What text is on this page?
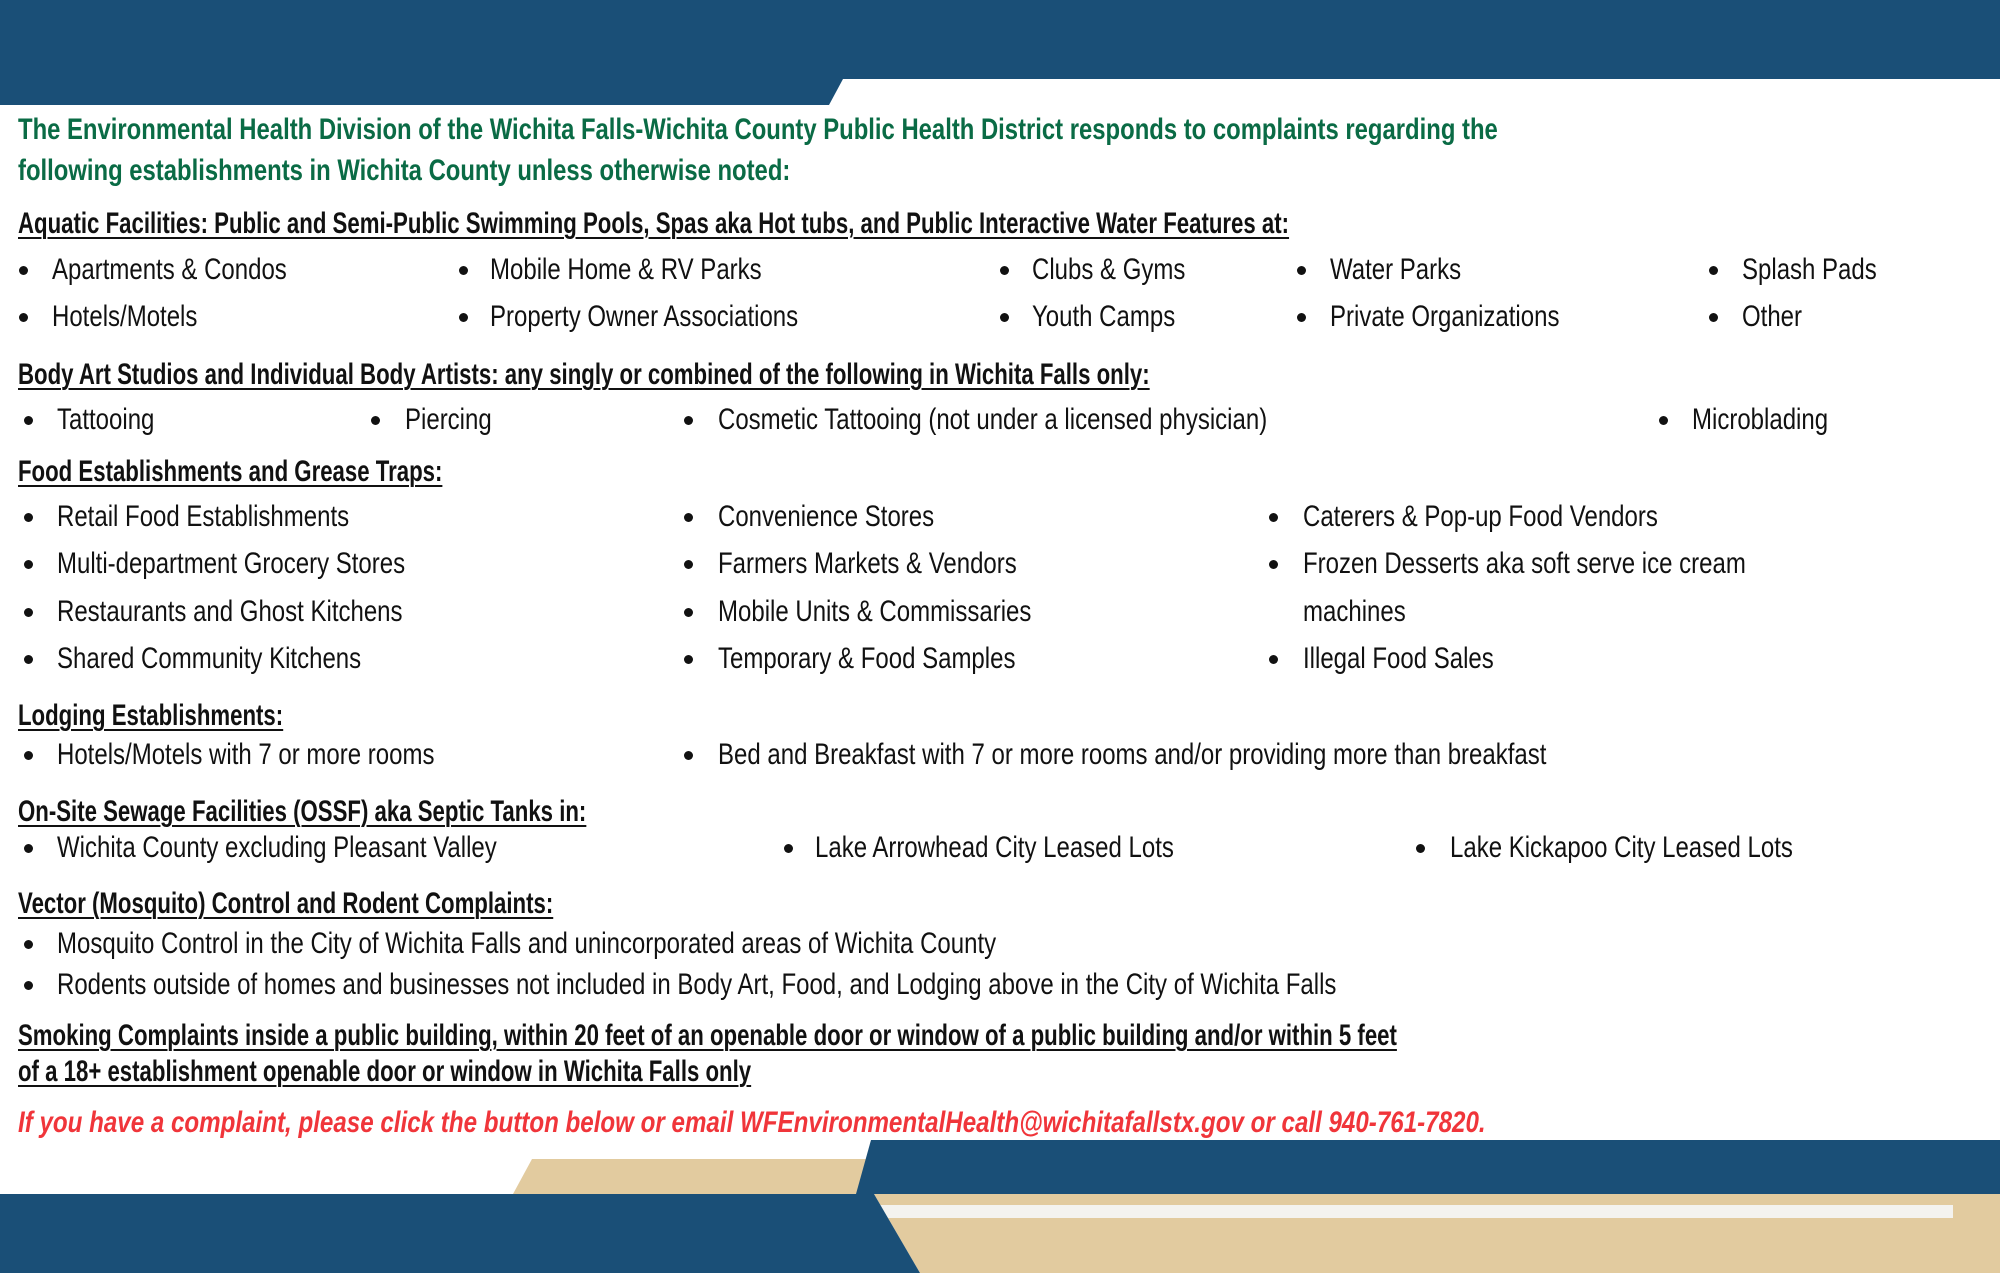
The Environmental Health Division of the Wichita Falls-Wichita County Public Health District responds to complaints regarding the
following establishments in Wichita County unless otherwise noted:
Aquatic Facilities: Public and Semi-Public Swimming Pools, Spas aka Hot tubs, and Public Interactive Water Features at:
Apartments & Condos	Mobile Home & RV Parks	Clubs & Gyms	Water Parks	Splash Pads
Hotels/Motels	Property Owner Associations	Youth Camps	Private Organizations	Other
Body Art Studios and Individual Body Artists: any singly or combined of the following in Wichita Falls only:
Tattooing	Piercing	Cosmetic Tattooing (not under a licensed physician)	Microblading
Food Establishments and Grease Traps:
Retail Food Establishments
Multi-department Grocery Stores
Restaurants and Ghost Kitchens
Shared Community Kitchens
Convenience Stores
Farmers Markets & Vendors
Mobile Units & Commissaries
Temporary & Food Samples
Caterers & Pop-up Food Vendors
Frozen Desserts aka soft serve ice cream
machines
Illegal Food Sales
Lodging Establishments:
Hotels/Motels with 7 or more rooms	Bed and Breakfast with 7 or more rooms and/or providing more than breakfast
On-Site Sewage Facilities (OSSF) aka Septic Tanks in:
Wichita County excluding Pleasant Valley	Lake Arrowhead City Leased Lots	Lake Kickapoo City Leased Lots
Vector (Mosquito) Control and Rodent Complaints:
Mosquito Control in the City of Wichita Falls and unincorporated areas of Wichita County
Rodents outside of homes and businesses not included in Body Art, Food, and Lodging above in the City of Wichita Falls
Smoking Complaints inside a public building, within 20 feet of an openable door or window of a public building and/or within 5 feet
of a 18+ establishment openable door or window in Wichita Falls only
If you have a complaint, please click the button below or email WFEnvironmentalHealth@wichitafallstx.gov or call 940-761-7820.
